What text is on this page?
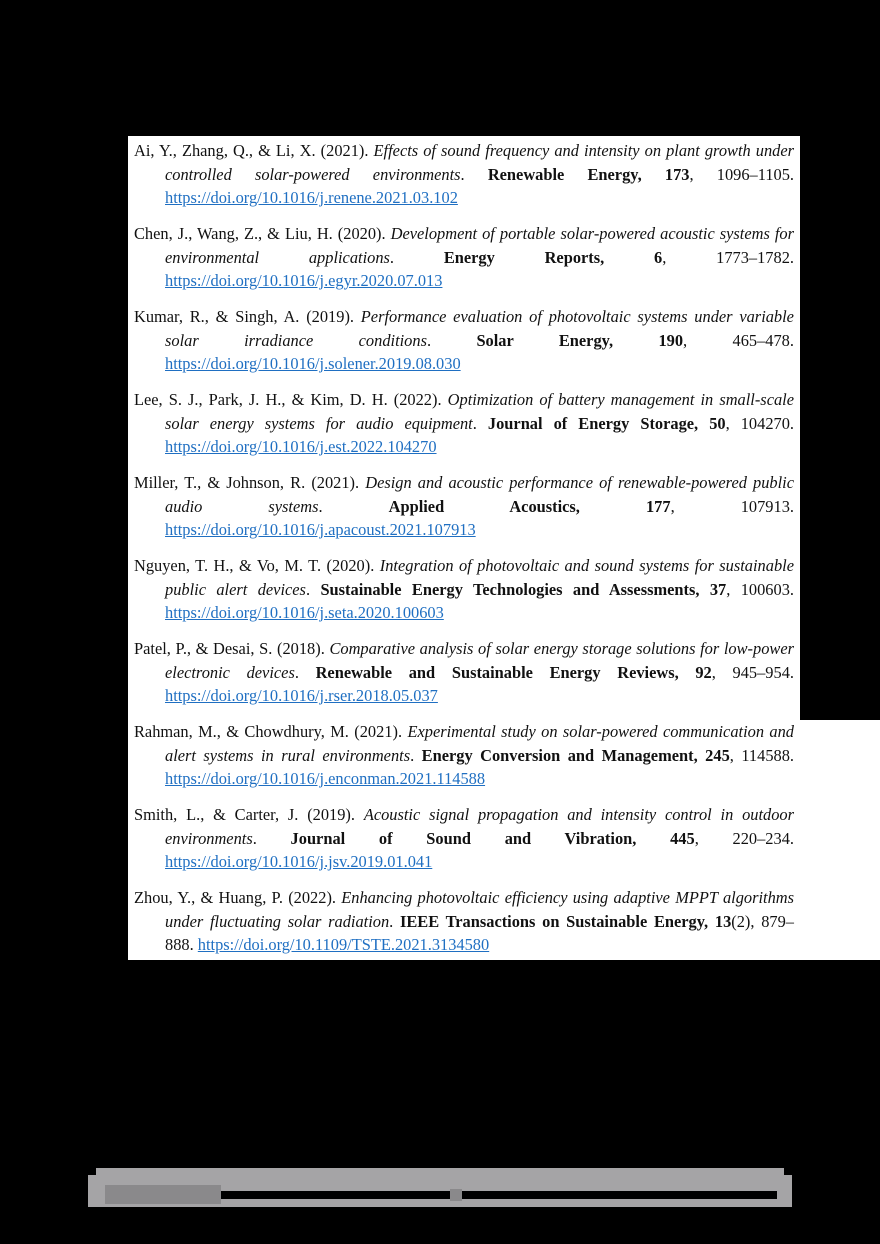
Ai, Y., Zhang, Q., & Li, X. (2021). Effects of sound frequency and intensity on plant growth under controlled solar-powered environments. Renewable Energy, 173, 1096–1105. https://doi.org/10.1016/j.renene.2021.03.102

Chen, J., Wang, Z., & Liu, H. (2020). Development of portable solar-powered acoustic systems for environmental applications. Energy Reports,	6, 1773–1782. https://doi.org/10.1016/j.egyr.2020.07.013

Kumar, R., & Singh, A. (2019). Performance evaluation of photovoltaic systems under variable solar irradiance conditions. Solar Energy,	190, 465–478. https://doi.org/10.1016/j.solener.2019.08.030

Lee, S. J., Park, J. H., & Kim, D. H. (2022). Optimization of battery management in small-scale solar energy systems for audio equipment. Journal of Energy Storage, 50, 104270. https://doi.org/10.1016/j.est.2022.104270

Miller, T., & Johnson, R. (2021). Design and acoustic performance of renewable-powered public audio systems. Applied Acoustics,	177, 107913. https://doi.org/10.1016/j.apacoust.2021.107913

Nguyen, T. H., & Vo, M. T. (2020). Integration of photovoltaic and sound systems for sustainable public alert devices. Sustainable Energy Technologies and Assessments, 37, 100603. https://doi.org/10.1016/j.seta.2020.100603

Patel, P., & Desai, S. (2018). Comparative analysis of solar energy storage solutions for low-power electronic devices. Renewable and Sustainable Energy Reviews, 92, 945–954. https://doi.org/10.1016/j.rser.2018.05.037

Rahman, M., & Chowdhury, M. (2021). Experimental study on solar-powered communication and alert systems in rural environments. Energy Conversion and Management, 245, 114588. https://doi.org/10.1016/j.enconman.2021.114588

Smith, L., & Carter, J. (2019). Acoustic signal propagation and intensity control in outdoor environments. Journal of Sound and Vibration, 445, 220–234. https://doi.org/10.1016/j.jsv.2019.01.041

Zhou, Y., & Huang, P. (2022). Enhancing photovoltaic efficiency using adaptive MPPT algorithms under fluctuating solar radiation. IEEE Transactions on Sustainable Energy, 13(2), 879–888. https://doi.org/10.1109/TSTE.2021.3134580
